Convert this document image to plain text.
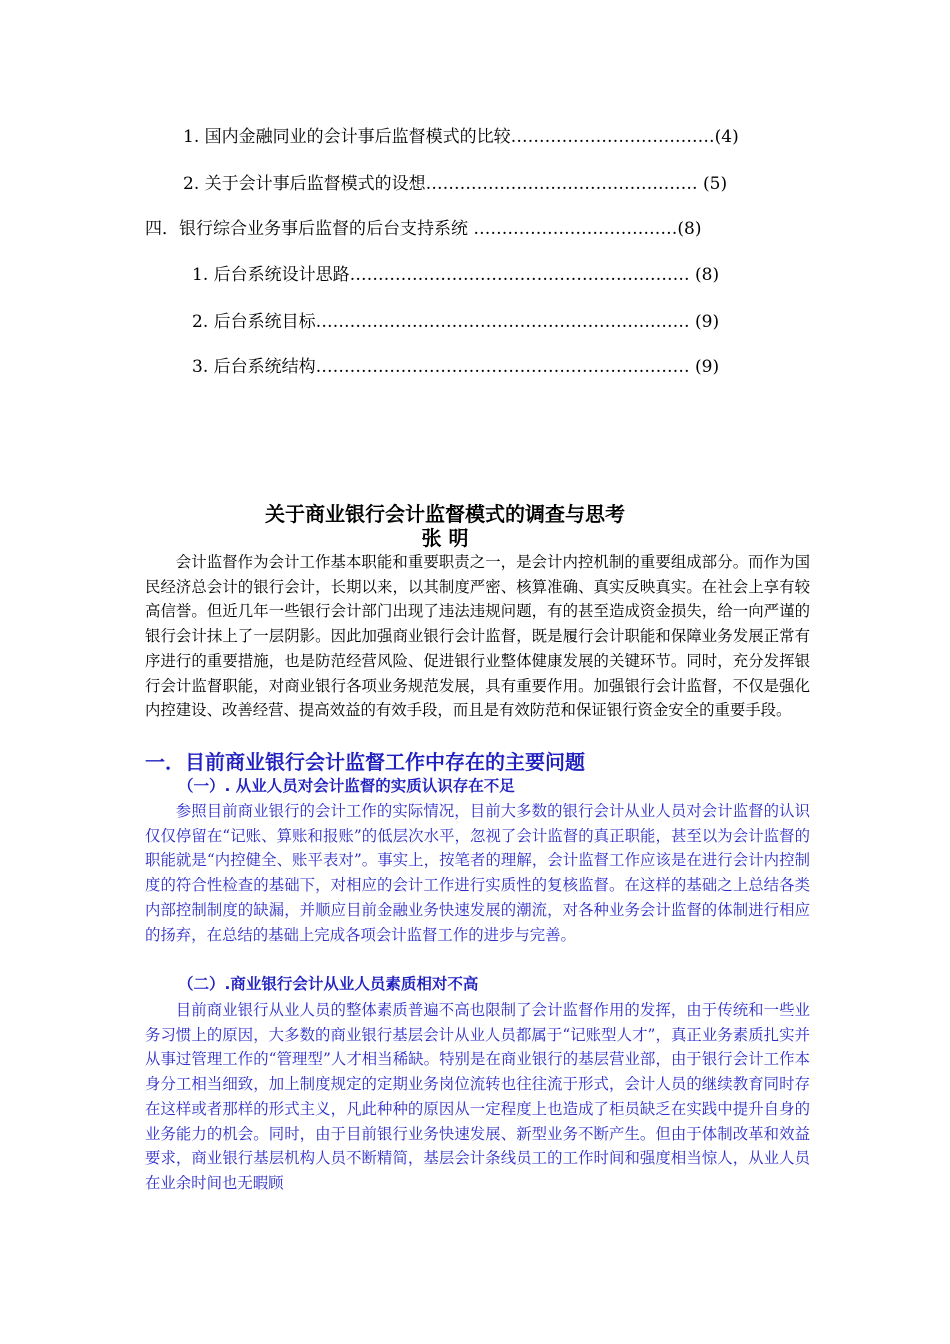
1. 国内金融同业的会计事后监督模式的比较………………………………(4)
2. 关于会计事后监督模式的设想………………………………………… (5)
四．银行综合业务事后监督的后台支持系统 ………………………………(8)
1. 后台系统设计思路…………………………………………………… (8)
2. 后台系统目标………………………………………………………… (9)
3. 后台系统结构………………………………………………………… (9)
关于商业银行会计监督模式的调查与思考
张 明

会计监督作为会计工作基本职能和重要职责之一，是会计内控机制的重要组成部分。而作为国民经济总会计的银行会计，长期以来，以其制度严密、核算准确、真实反映真实。在社会上享有较高信誉。但近几年一些银行会计部门出现了违法违规问题，有的甚至造成资金损失，给一向严谨的银行会计抹上了一层阴影。因此加强商业银行会计监督，既是履行会计职能和保障业务发展正常有序进行的重要措施，也是防范经营风险、促进银行业整体健康发展的关键环节。同时，充分发挥银行会计监督职能，对商业银行各项业务规范发展，具有重要作用。加强银行会计监督，不仅是强化内控建设、改善经营、提高效益的有效手段，而且是有效防范和保证银行资金安全的重要手段。

一．目前商业银行会计监督工作中存在的主要问题
（一）. 从业人员对会计监督的实质认识存在不足

参照目前商业银行的会计工作的实际情况，目前大多数的银行会计从业人员对会计监督的认识仅仅停留在“记账、算账和报账”的低层次水平，忽视了会计监督的真正职能，甚至以为会计监督的职能就是“内控健全、账平表对”。事实上，按笔者的理解，会计监督工作应该是在进行会计内控制度的符合性检查的基础下，对相应的会计工作进行实质性的复核监督。在这样的基础之上总结各类内部控制制度的缺漏，并顺应目前金融业务快速发展的潮流，对各种业务会计监督的体制进行相应的扬弃，在总结的基础上完成各项会计监督工作的进步与完善。

（二）.商业银行会计从业人员素质相对不高

目前商业银行从业人员的整体素质普遍不高也限制了会计监督作用的发挥，由于传统和一些业务习惯上的原因，大多数的商业银行基层会计从业人员都属于“记账型人才”，真正业务素质扎实并从事过管理工作的“管理型”人才相当稀缺。特别是在商业银行的基层营业部，由于银行会计工作本身分工相当细致，加上制度规定的定期业务岗位流转也往往流于形式，会计人员的继续教育同时存在这样或者那样的形式主义，凡此种种的原因从一定程度上也造成了柜员缺乏在实践中提升自身的业务能力的机会。同时，由于目前银行业务快速发展、新型业务不断产生。但由于体制改革和效益要求，商业银行基层机构人员不断精简，基层会计条线员工的工作时间和强度相当惊人，从业人员在业余时间也无暇顾
